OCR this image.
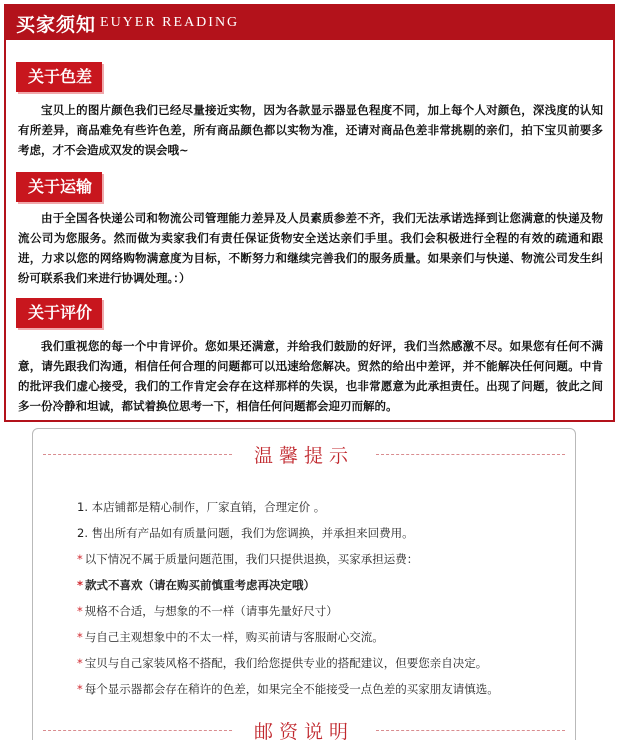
买家须知 EUYER READING
关于色差

宝贝上的图片颜色我们已经尽量接近实物，因为各款显示器显色程度不同，加上每个人对颜色，深浅度的认知有所差异，商品难免有些许色差，所有商品颜色都以实物为准，还请对商品色差非常挑剔的亲们，拍下宝贝前要多考虑，才不会造成双发的误会哦~

关于运输

由于全国各快递公司和物流公司管理能力差异及人员素质参差不齐，我们无法承诺选择到让您满意的快递及物流公司为您服务。然而做为卖家我们有责任保证货物安全送达亲们手里。我们会积极进行全程的有效的疏通和跟进，力求以您的网络购物满意度为目标，不断努力和继续完善我们的服务质量。如果亲们与快递、物流公司发生纠纷可联系我们来进行协调处理。：）

关于评价

我们重视您的每一个中肯评价。您如果还满意，并给我们鼓励的好评，我们当然感激不尽。如果您有任何不满意，请先跟我们沟通，相信任何合理的问题都可以迅速给您解决。贸然的给出中差评，并不能解决任何问题。中肯的批评我们虚心接受，我们的工作肯定会存在这样那样的失误，也非常愿意为此承担责任。出现了问题，彼此之间多一份冷静和坦诚，都试着换位思考一下，相信任何问题都会迎刃而解的。

温馨提示
1. 本店铺都是精心制作，厂家直销，合理定价 。
2. 售出所有产品如有质量问题，我们为您调换，并承担来回费用。
* 以下情况不属于质量问题范围，我们只提供退换，买家承担运费：
* 款式不喜欢（请在购买前慎重考虑再决定哦）
* 规格不合适，与想象的不一样（请事先量好尺寸）
* 与自己主观想象中的不太一样，购买前请与客服耐心交流。
* 宝贝与自己家装风格不搭配，我们给您提供专业的搭配建议，但要您亲自决定。
* 每个显示器都会存在稍许的色差，如果完全不能接受一点色差的买家朋友请慎选。
邮资说明
